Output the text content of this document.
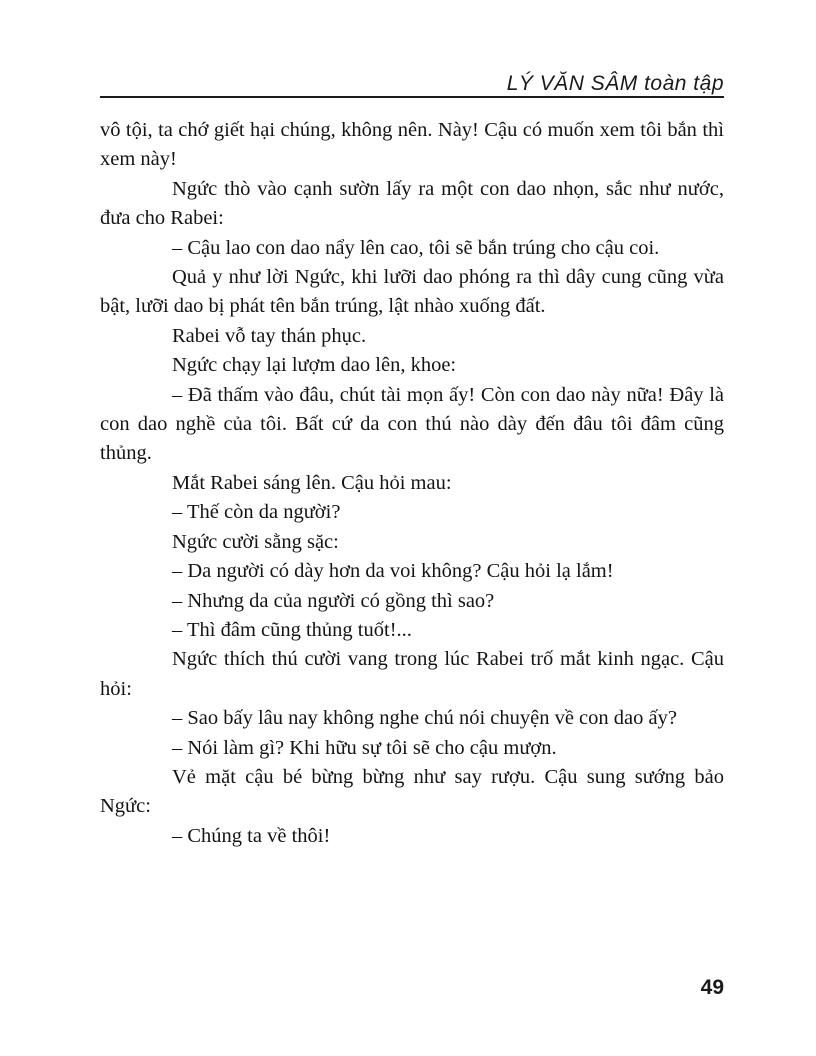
LÝ VĂN SÂM toàn tập

vô tội, ta chớ giết hại chúng, không nên. Này! Cậu có muốn xem tôi bắn thì xem này!

Ngức thò vào cạnh sườn lấy ra một con dao nhọn, sắc như nước, đưa cho Rabei:

– Cậu lao con dao nẩy lên cao, tôi sẽ bắn trúng cho cậu coi.

Quả y như lời Ngức, khi lưỡi dao phóng ra thì dây cung cũng vừa bật, lưỡi dao bị phát tên bắn trúng, lật nhào xuống đất.

Rabei vỗ tay thán phục.

Ngức chạy lại lượm dao lên, khoe:

– Đã thấm vào đâu, chút tài mọn ấy! Còn con dao này nữa! Đây là con dao nghề của tôi. Bất cứ da con thú nào dày đến đâu tôi đâm cũng thủng.

Mắt Rabei sáng lên. Cậu hỏi mau:

– Thế còn da người?

Ngức cười sằng sặc:

– Da người có dày hơn da voi không? Cậu hỏi lạ lắm!

– Nhưng da của người có gồng thì sao?

– Thì đâm cũng thủng tuốt!...

Ngức thích thú cười vang trong lúc Rabei trố mắt kinh ngạc. Cậu hỏi:

– Sao bấy lâu nay không nghe chú nói chuyện về con dao ấy?

– Nói làm gì? Khi hữu sự tôi sẽ cho cậu mượn.

Vẻ mặt cậu bé bừng bừng như say rượu. Cậu sung sướng bảo Ngức:

– Chúng ta về thôi!

49
